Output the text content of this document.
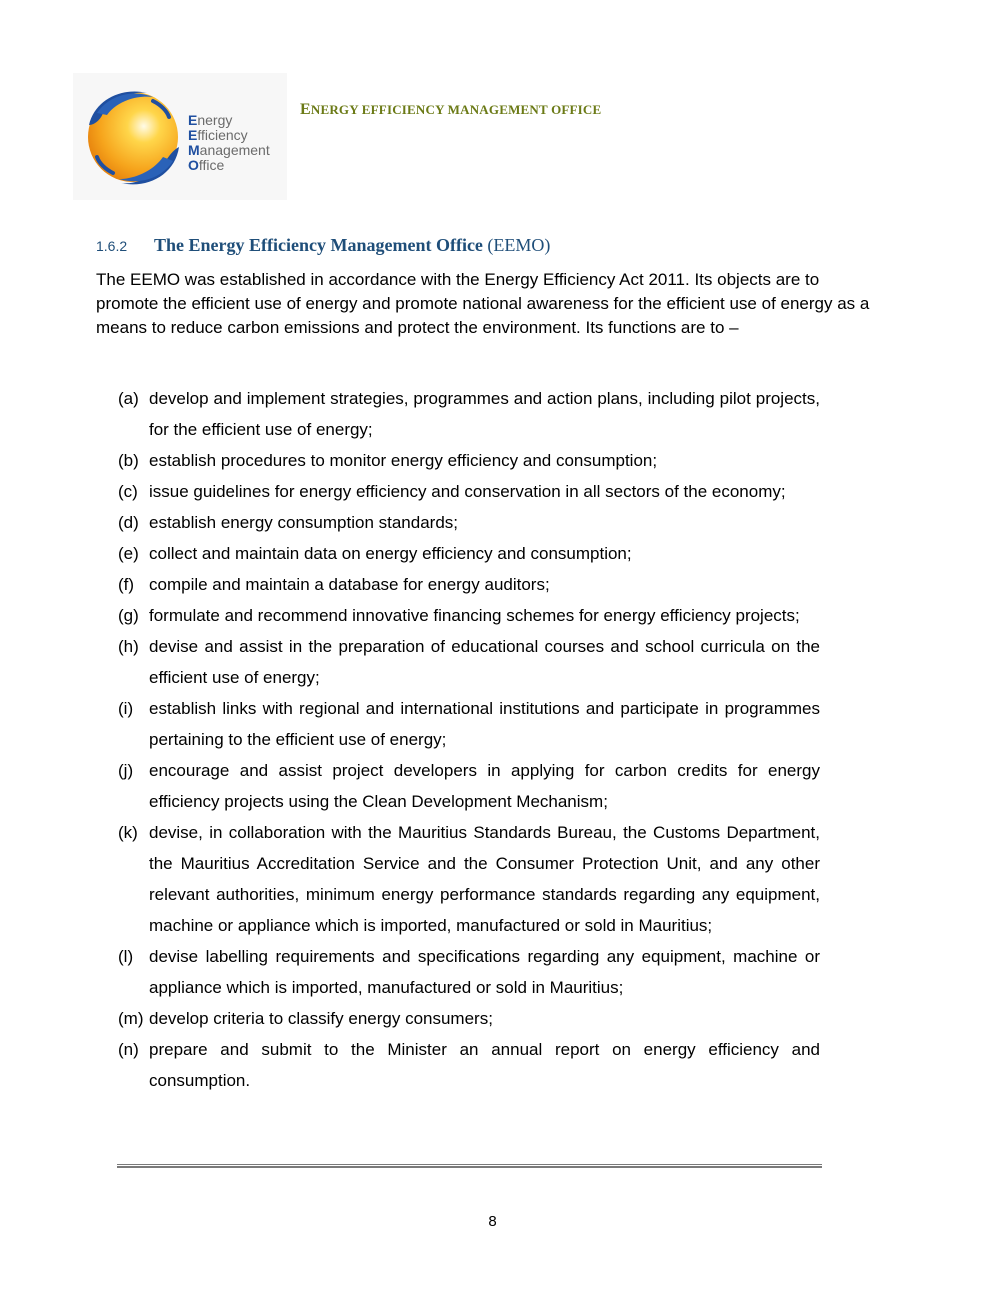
Energy
Efficiency
Management
Office
ENERGY EFFICIENCY MANAGEMENT OFFICE
1.6.2 The Energy Efficiency Management Office (EEMO)

The EEMO was established in accordance with the Energy Efficiency Act 2011. Its objects are to promote the efficient use of energy and promote national awareness for the efficient use of energy as a means to reduce carbon emissions and protect the environment. Its functions are to –

(a) develop and implement strategies, programmes and action plans, including pilot projects, for the efficient use of energy;
(b) establish procedures to monitor energy efficiency and consumption;
(c) issue guidelines for energy efficiency and conservation in all sectors of the economy;
(d) establish energy consumption standards;
(e) collect and maintain data on energy efficiency and consumption;
(f) compile and maintain a database for energy auditors;
(g) formulate and recommend innovative financing schemes for energy efficiency projects;
(h) devise and assist in the preparation of educational courses and school curricula on the efficient use of energy;
(i) establish links with regional and international institutions and participate in programmes pertaining to the efficient use of energy;
(j) encourage and assist project developers in applying for carbon credits for energy efficiency projects using the Clean Development Mechanism;
(k) devise, in collaboration with the Mauritius Standards Bureau, the Customs Department, the Mauritius Accreditation Service and the Consumer Protection Unit, and any other relevant authorities, minimum energy performance standards regarding any equipment, machine or appliance which is imported, manufactured or sold in Mauritius;
(l) devise labelling requirements and specifications regarding any equipment, machine or appliance which is imported, manufactured or sold in Mauritius;
(m) develop criteria to classify energy consumers;
(n) prepare and submit to the Minister an annual report on energy efficiency and consumption.
8
